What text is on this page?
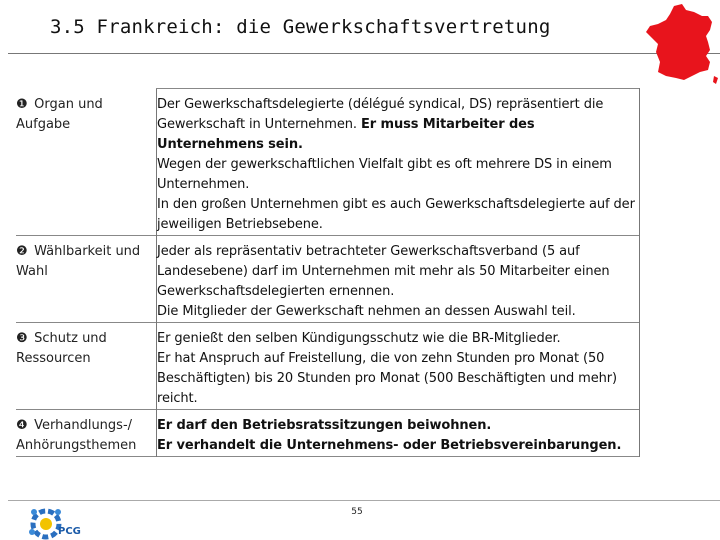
3.5 Frankreich: die Gewerkschaftsvertretung
❶ Organ und Aufgabe	Der Gewerkschaftsdelegierte (délégué syndical, DS) repräsentiert die Gewerkschaft in Unternehmen. Er muss Mitarbeiter des Unternehmens sein.
Wegen der gewerkschaftlichen Vielfalt gibt es oft mehrere DS in einem Unternehmen.
In den großen Unternehmen gibt es auch Gewerkschaftsdelegierte auf der jeweiligen Betriebsebene.

❷ Wählbarkeit und Wahl	Jeder als repräsentativ betrachteter Gewerkschaftsverband (5 auf Landesebene) darf im Unternehmen mit mehr als 50 Mitarbeiter einen Gewerkschaftsdelegierten ernennen.
Die Mitglieder der Gewerkschaft nehmen an dessen Auswahl teil.

❸ Schutz und Ressourcen	Er genießt den selben Kündigungsschutz wie die BR-Mitglieder.
Er hat Anspruch auf Freistellung, die von zehn Stunden pro Monat (50 Beschäftigten) bis 20 Stunden pro Monat (500 Beschäftigten und mehr) reicht.

❹ Verhandlungs-/ Anhörungsthemen	Er darf den Betriebsratssitzungen beiwohnen.
Er verhandelt die Unternehmens- oder Betriebsvereinbarungen.
55
PCG
